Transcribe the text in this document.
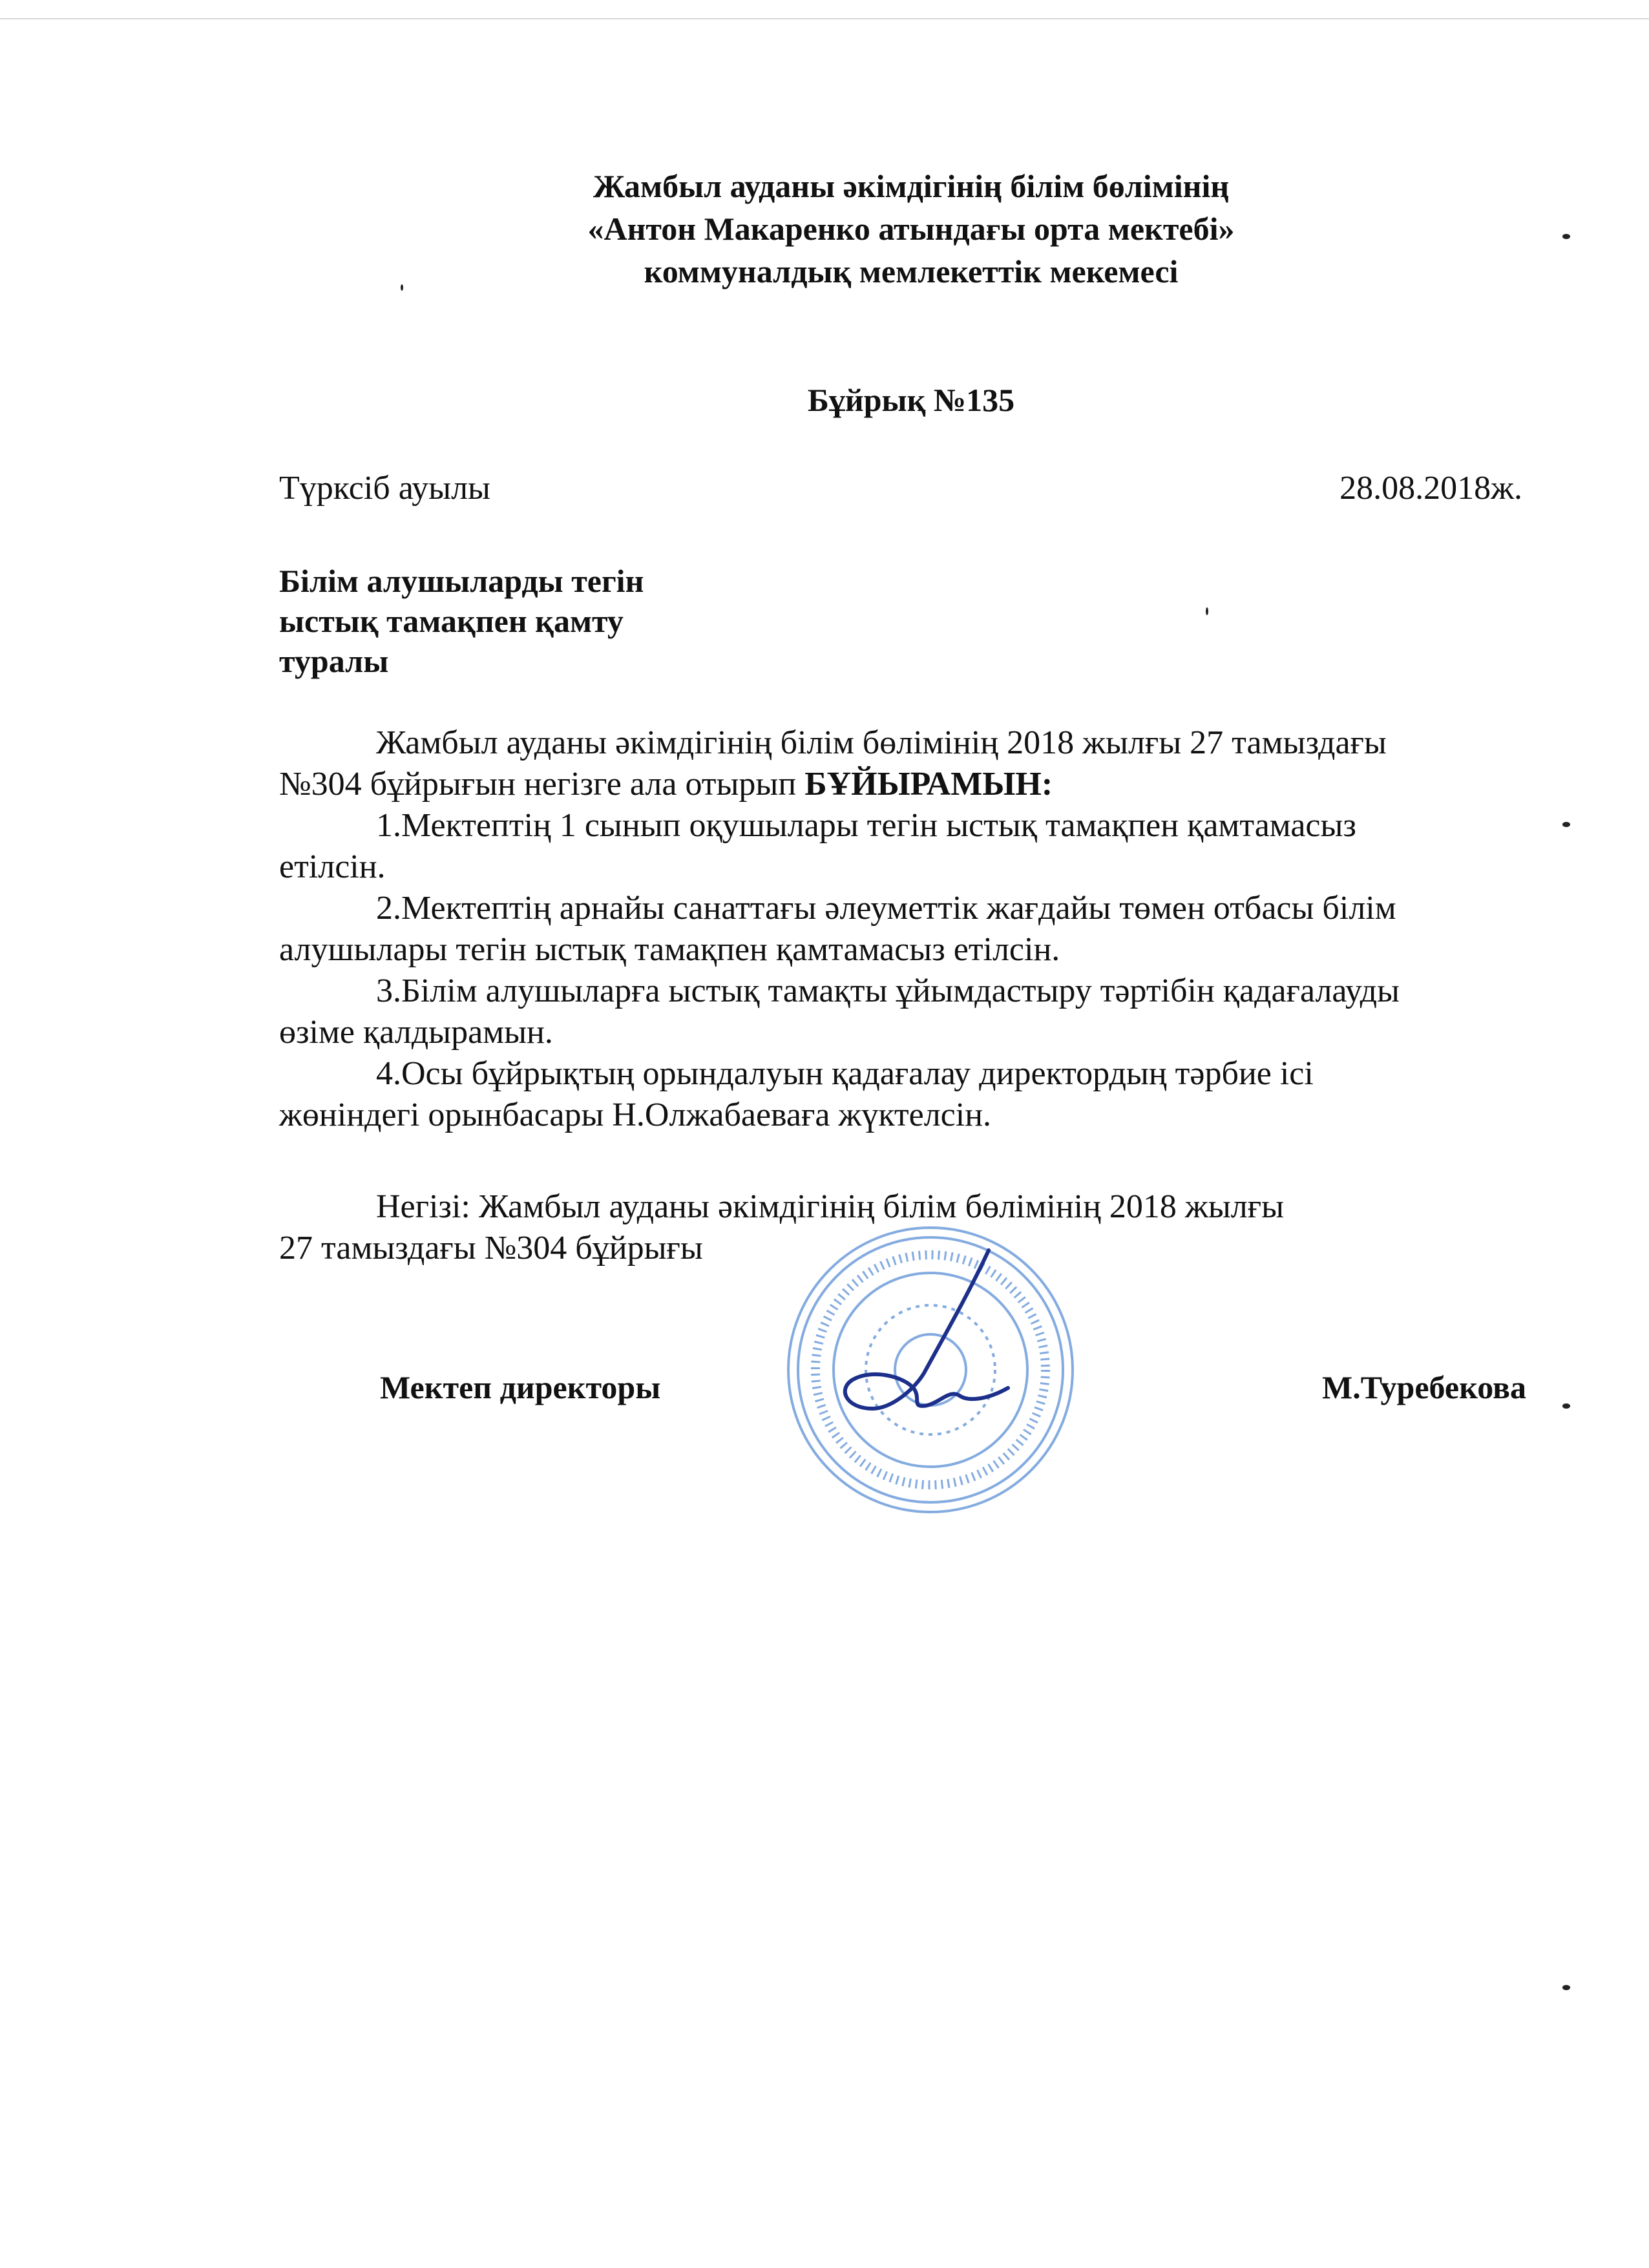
Жамбыл ауданы әкімдігінің білім бөлімінің
«Антон Макаренко атындағы орта мектебі»
коммуналдық мемлекеттік мекемесі
Бұйрық №135
Түрксіб ауылы	28.08.2018ж.
Білім алушыларды тегін
ыстық тамақпен қамту
туралы
Жамбыл ауданы әкімдігінің білім бөлімінің 2018 жылғы 27 тамыздағы
№304 бұйрығын негізге ала отырып БҰЙЫРАМЫН:
1.Мектептің 1 сынып оқушылары тегін ыстық тамақпен қамтамасыз
етілсін.
2.Мектептің арнайы санаттағы әлеуметтік жағдайы төмен отбасы білім
алушылары тегін ыстық тамақпен қамтамасыз етілсін.
3.Білім алушыларға ыстық тамақты ұйымдастыру тәртібін қадағалауды
өзіме қалдырамын.
4.Осы бұйрықтың орындалуын қадағалау директордың тәрбие ісі
жөніндегі орынбасары Н.Олжабаеваға жүктелсін.
Негізі: Жамбыл ауданы әкімдігінің білім бөлімінің 2018 жылғы
27 тамыздағы №304 бұйрығы
Мектеп директоры	М.Туребекова
